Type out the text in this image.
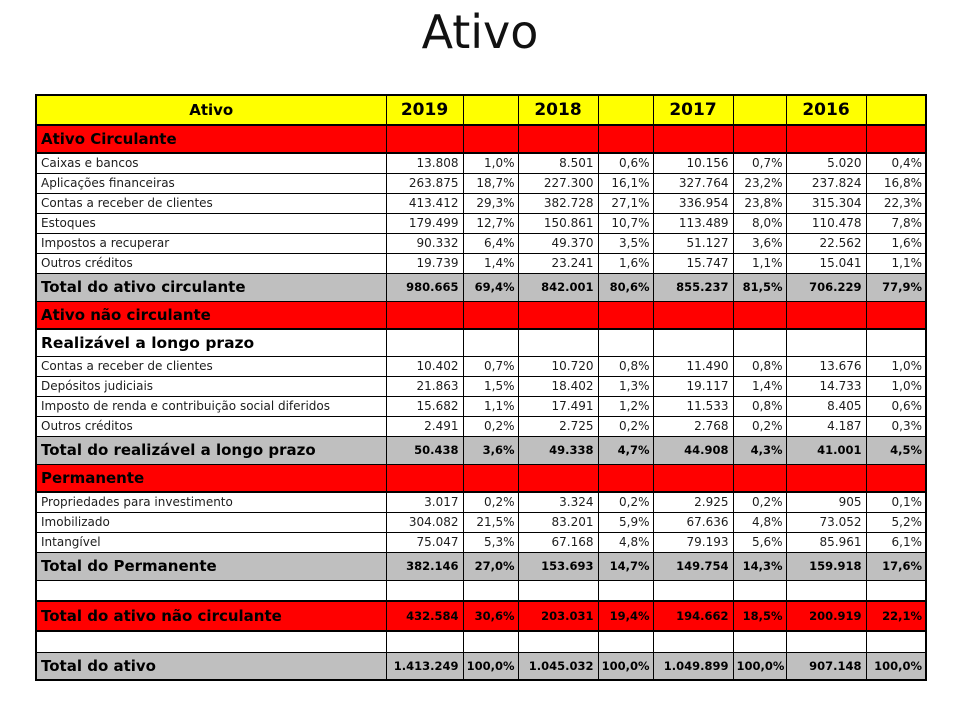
Ativo
Ativo	2019		2018		2017		2016	
Ativo Circulante								
Caixas e bancos	13.808	1,0%	8.501	0,6%	10.156	0,7%	5.020	0,4%
Aplicações financeiras	263.875	18,7%	227.300	16,1%	327.764	23,2%	237.824	16,8%
Contas a receber de clientes	413.412	29,3%	382.728	27,1%	336.954	23,8%	315.304	22,3%
Estoques	179.499	12,7%	150.861	10,7%	113.489	8,0%	110.478	7,8%
Impostos a recuperar	90.332	6,4%	49.370	3,5%	51.127	3,6%	22.562	1,6%
Outros créditos	19.739	1,4%	23.241	1,6%	15.747	1,1%	15.041	1,1%
Total do ativo circulante	980.665	69,4%	842.001	80,6%	855.237	81,5%	706.229	77,9%
Ativo não circulante								
Realizável a longo prazo								
Contas a receber de clientes	10.402	0,7%	10.720	0,8%	11.490	0,8%	13.676	1,0%
Depósitos judiciais	21.863	1,5%	18.402	1,3%	19.117	1,4%	14.733	1,0%
Imposto de renda e contribuição social diferidos	15.682	1,1%	17.491	1,2%	11.533	0,8%	8.405	0,6%
Outros créditos	2.491	0,2%	2.725	0,2%	2.768	0,2%	4.187	0,3%
Total do realizável a longo prazo	50.438	3,6%	49.338	4,7%	44.908	4,3%	41.001	4,5%
Permanente								
Propriedades para investimento	3.017	0,2%	3.324	0,2%	2.925	0,2%	905	0,1%
Imobilizado	304.082	21,5%	83.201	5,9%	67.636	4,8%	73.052	5,2%
Intangível	75.047	5,3%	67.168	4,8%	79.193	5,6%	85.961	6,1%
Total do Permanente	382.146	27,0%	153.693	14,7%	149.754	14,3%	159.918	17,6%

Total do ativo não circulante	432.584	30,6%	203.031	19,4%	194.662	18,5%	200.919	22,1%

Total do ativo	1.413.249	100,0%	1.045.032	100,0%	1.049.899	100,0%	907.148	100,0%
